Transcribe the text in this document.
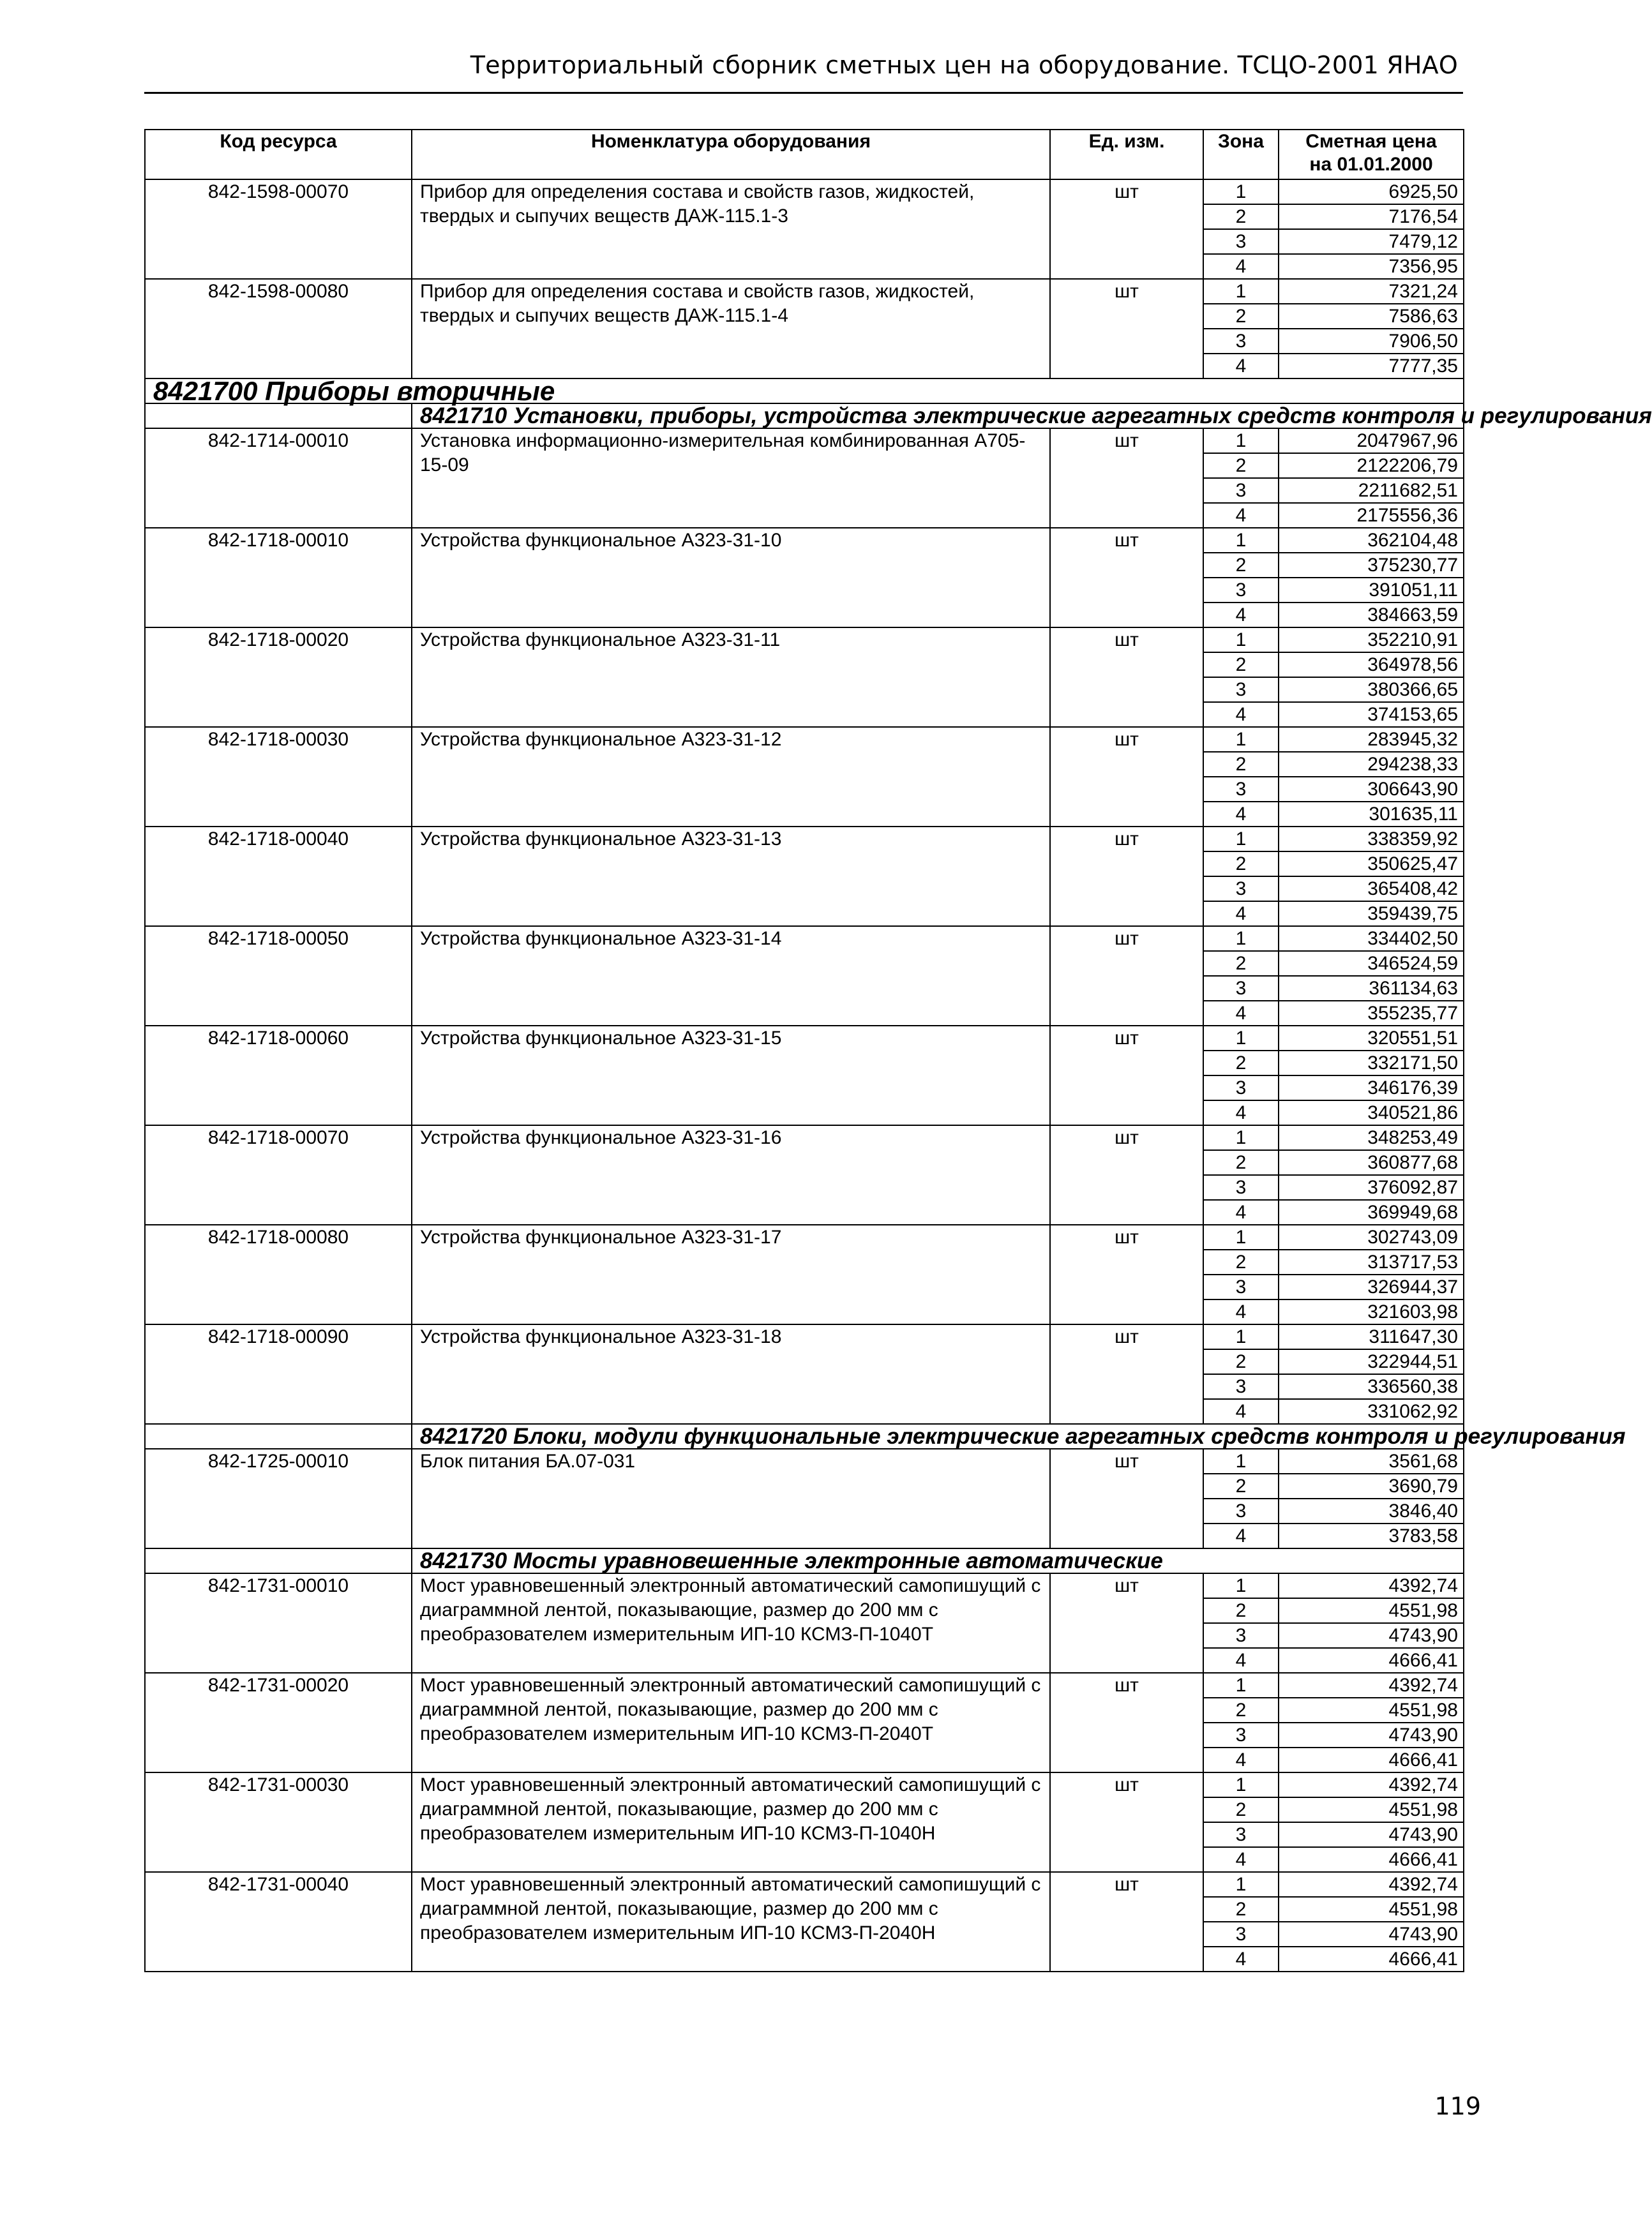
Территориальный сборник сметных цен на оборудование. ТСЦО-2001 ЯНАО
Код ресурса	Номенклатура оборудования	Ед. изм.	Зона	Сметная цена
на 01.01.2000
842-1598-00070	Прибор для определения состава и свойств газов, жидкостей, твердых и сыпучих веществ ДАЖ-115.1-3	шт	1	6925,50
			2	7176,54
			3	7479,12
			4	7356,95
842-1598-00080	Прибор для определения состава и свойств газов, жидкостей, твердых и сыпучих веществ ДАЖ-115.1-4	шт	1	7321,24
			2	7586,63
			3	7906,50
			4	7777,35
8421700 Приборы вторичные				
	8421710 Установки, приборы, устройства электрические агрегатных средств контроля и регулирования			
842-1714-00010	Установка информационно-измерительная комбинированная А705-15-09	шт	1	2047967,96
			2	2122206,79
			3	2211682,51
			4	2175556,36
842-1718-00010	Устройства функциональное А323-31-10	шт	1	362104,48
			2	375230,77
			3	391051,11
			4	384663,59
842-1718-00020	Устройства функциональное А323-31-11	шт	1	352210,91
			2	364978,56
			3	380366,65
			4	374153,65
842-1718-00030	Устройства функциональное А323-31-12	шт	1	283945,32
			2	294238,33
			3	306643,90
			4	301635,11
842-1718-00040	Устройства функциональное А323-31-13	шт	1	338359,92
			2	350625,47
			3	365408,42
			4	359439,75
842-1718-00050	Устройства функциональное А323-31-14	шт	1	334402,50
			2	346524,59
			3	361134,63
			4	355235,77
842-1718-00060	Устройства функциональное А323-31-15	шт	1	320551,51
			2	332171,50
			3	346176,39
			4	340521,86
842-1718-00070	Устройства функциональное А323-31-16	шт	1	348253,49
			2	360877,68
			3	376092,87
			4	369949,68
842-1718-00080	Устройства функциональное А323-31-17	шт	1	302743,09
			2	313717,53
			3	326944,37
			4	321603,98
842-1718-00090	Устройства функциональное А323-31-18	шт	1	311647,30
			2	322944,51
			3	336560,38
			4	331062,92
	8421720 Блоки, модули функциональные электрические агрегатных средств контроля и регулирования			
842-1725-00010	Блок питания БА.07-031	шт	1	3561,68
			2	3690,79
			3	3846,40
			4	3783,58
	8421730 Мосты уравновешенные электронные автоматические			
842-1731-00010	Мост уравновешенный электронный автоматический самопишущий с диаграммной лентой, показывающие, размер до 200 мм с преобразователем измерительным ИП-10 КСМЗ-П-1040Т	шт	1	4392,74
			2	4551,98
			3	4743,90
			4	4666,41
842-1731-00020	Мост уравновешенный электронный автоматический самопишущий с диаграммной лентой, показывающие, размер до 200 мм с преобразователем измерительным ИП-10 КСМЗ-П-2040Т	шт	1	4392,74
			2	4551,98
			3	4743,90
			4	4666,41
842-1731-00030	Мост уравновешенный электронный автоматический самопишущий с диаграммной лентой, показывающие, размер до 200 мм с преобразователем измерительным ИП-10 КСМЗ-П-1040Н	шт	1	4392,74
			2	4551,98
			3	4743,90
			4	4666,41
842-1731-00040	Мост уравновешенный электронный автоматический самопишущий с диаграммной лентой, показывающие, размер до 200 мм с преобразователем измерительным ИП-10 КСМЗ-П-2040Н	шт	1	4392,74
			2	4551,98
			3	4743,90
			4	4666,41
119
